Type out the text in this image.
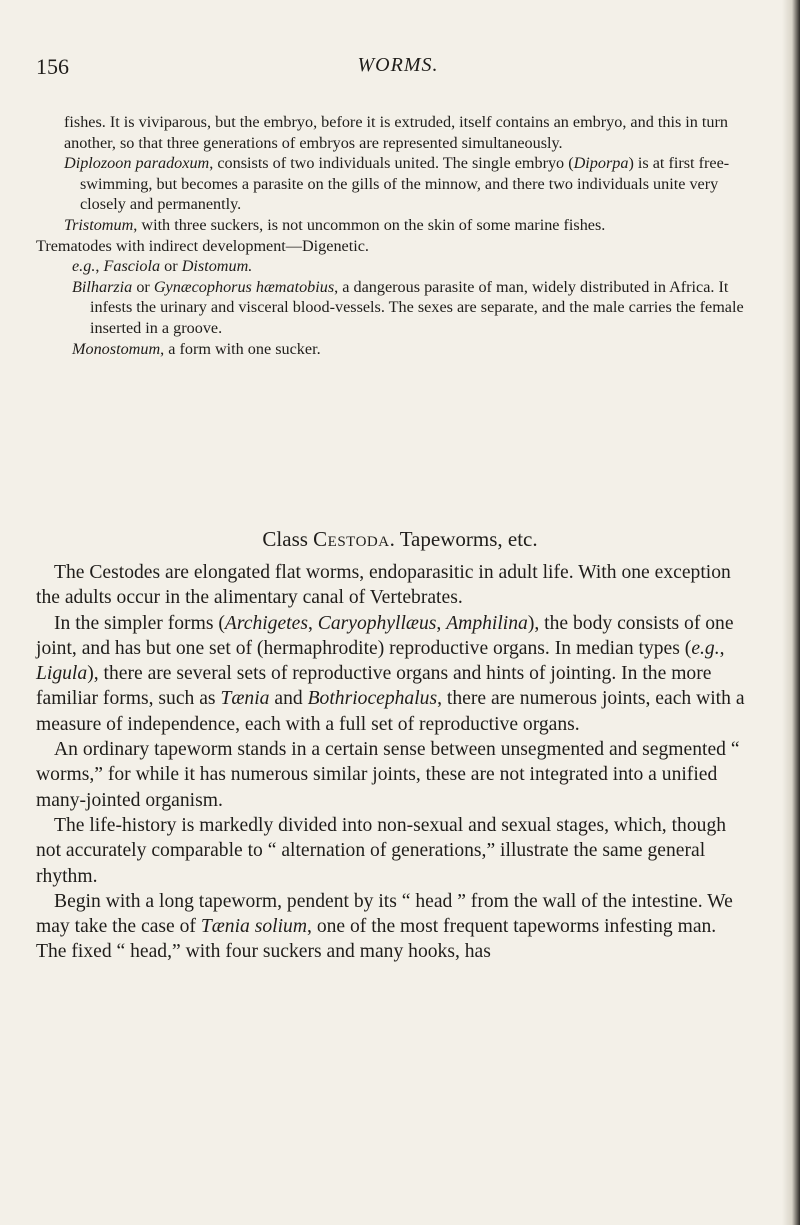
156	WORMS.

fishes. It is viviparous, but the embryo, before it is extruded, itself contains an embryo, and this in turn another, so that three generations of embryos are represented simultaneously.

Diplozoon paradoxum, consists of two individuals united. The single embryo (Diporpa) is at first free-swimming, but becomes a parasite on the gills of the minnow, and there two individuals unite very closely and permanently.

Tristomum, with three suckers, is not uncommon on the skin of some marine fishes.

Trematodes with indirect development—Digenetic.

e.g., Fasciola or Distomum.

Bilharzia or Gynæcophorus hæmatobius, a dangerous parasite of man, widely distributed in Africa. It infests the urinary and visceral blood-vessels. The sexes are separate, and the male carries the female inserted in a groove.

Monostomum, a form with one sucker.

Class Cestoda. Tapeworms, etc.

The Cestodes are elongated flat worms, endoparasitic in adult life. With one exception the adults occur in the alimentary canal of Vertebrates.

In the simpler forms (Archigetes, Caryophyllæus, Amphilina), the body consists of one joint, and has but one set of (hermaphrodite) reproductive organs. In median types (e.g., Ligula), there are several sets of reproductive organs and hints of jointing. In the more familiar forms, such as Tænia and Bothriocephalus, there are numerous joints, each with a measure of independence, each with a full set of reproductive organs.

An ordinary tapeworm stands in a certain sense between unsegmented and segmented “ worms,” for while it has numerous similar joints, these are not integrated into a unified many-jointed organism.

The life-history is markedly divided into non-sexual and sexual stages, which, though not accurately comparable to “ alternation of generations,” illustrate the same general rhythm.

Begin with a long tapeworm, pendent by its “ head ” from the wall of the intestine. We may take the case of Tænia solium, one of the most frequent tapeworms infesting man. The fixed “ head,” with four suckers and many hooks, has
